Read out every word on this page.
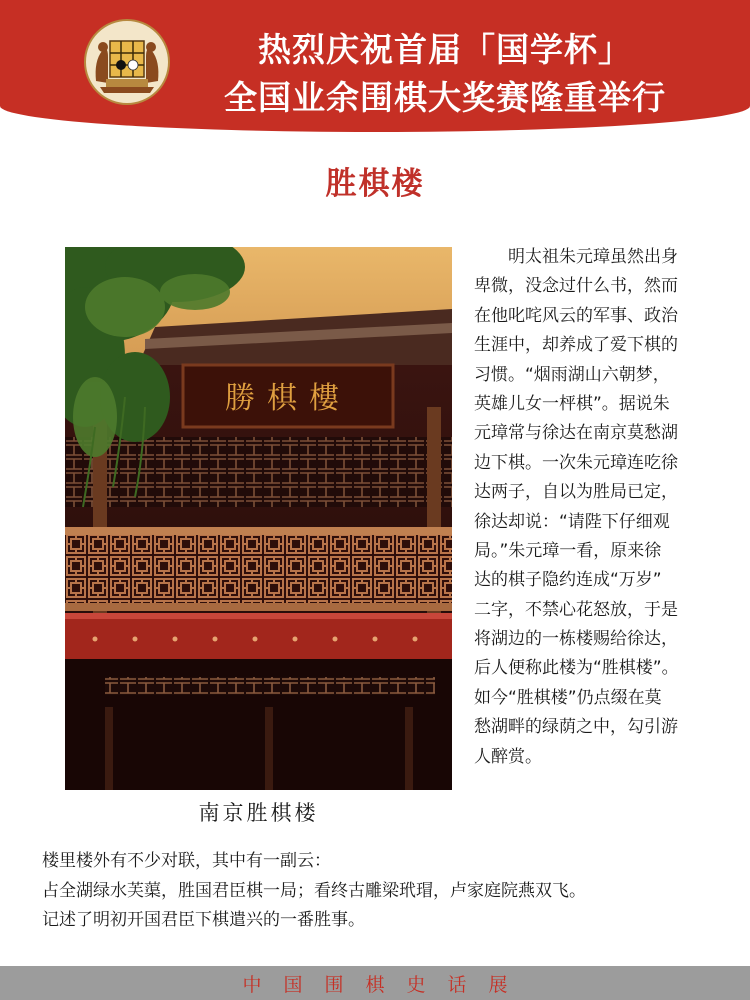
热烈庆祝首届「国学杯」
全国业余围棋大奖赛隆重举行
胜棋楼
勝棋樓
南京胜棋楼
明太祖朱元璋虽然出身
卑微，没念过什么书，然而
在他叱咤风云的军事、政治
生涯中，却养成了爱下棋的
习惯。“烟雨湖山六朝梦，
英雄儿女一枰棋”。据说朱
元璋常与徐达在南京莫愁湖
边下棋。一次朱元璋连吃徐
达两子，自以为胜局已定，
徐达却说：“请陛下仔细观
局。”朱元璋一看，原来徐
达的棋子隐约连成“万岁”
二字，不禁心花怒放，于是
将湖边的一栋楼赐给徐达，
后人便称此楼为“胜棋楼”。
如今“胜棋楼”仍点缀在莫
愁湖畔的绿荫之中，勾引游
人醉赏。
楼里楼外有不少对联，其中有一副云：
占全湖绿水芙蕖，胜国君臣棋一局；看终古雕梁玳瑁，卢家庭院燕双飞。
记述了明初开国君臣下棋遣兴的一番胜事。
中国围棋史话展
